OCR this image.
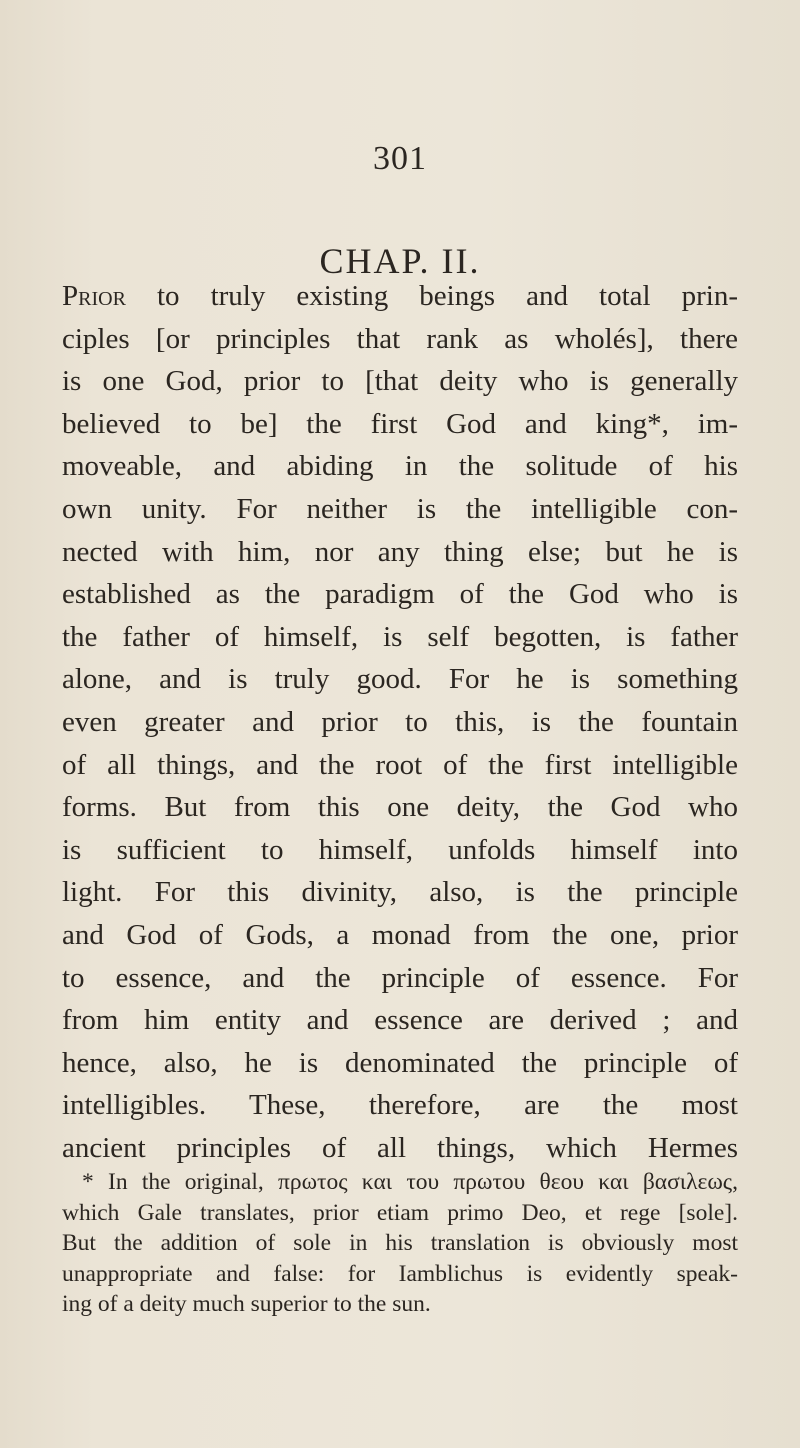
301
CHAP. II.
Prior to truly existing beings and total prin-
ciples [or principles that rank as wholés], there
is one God, prior to [that deity who is generally
believed to be] the first God and king*, im-
moveable, and abiding in the solitude of his
own unity. For neither is the intelligible con-
nected with him, nor any thing else; but he is
established as the paradigm of the God who is
the father of himself, is self begotten, is father
alone, and is truly good. For he is something
even greater and prior to this, is the fountain
of all things, and the root of the first intelligible
forms. But from this one deity, the God who
is sufficient to himself, unfolds himself into
light. For this divinity, also, is the principle
and God of Gods, a monad from the one, prior
to essence, and the principle of essence. For
from him entity and essence are derived ; and
hence, also, he is denominated the principle of
intelligibles. These, therefore, are the most
ancient principles of all things, which Hermes
* In the original, πρωτος και του πρωτου θεου και βασιλεως,
which Gale translates, prior etiam primo Deo, et rege [sole].
But the addition of sole in his translation is obviously most
unappropriate and false: for Iamblichus is evidently speak-
ing of a deity much superior to the sun.
